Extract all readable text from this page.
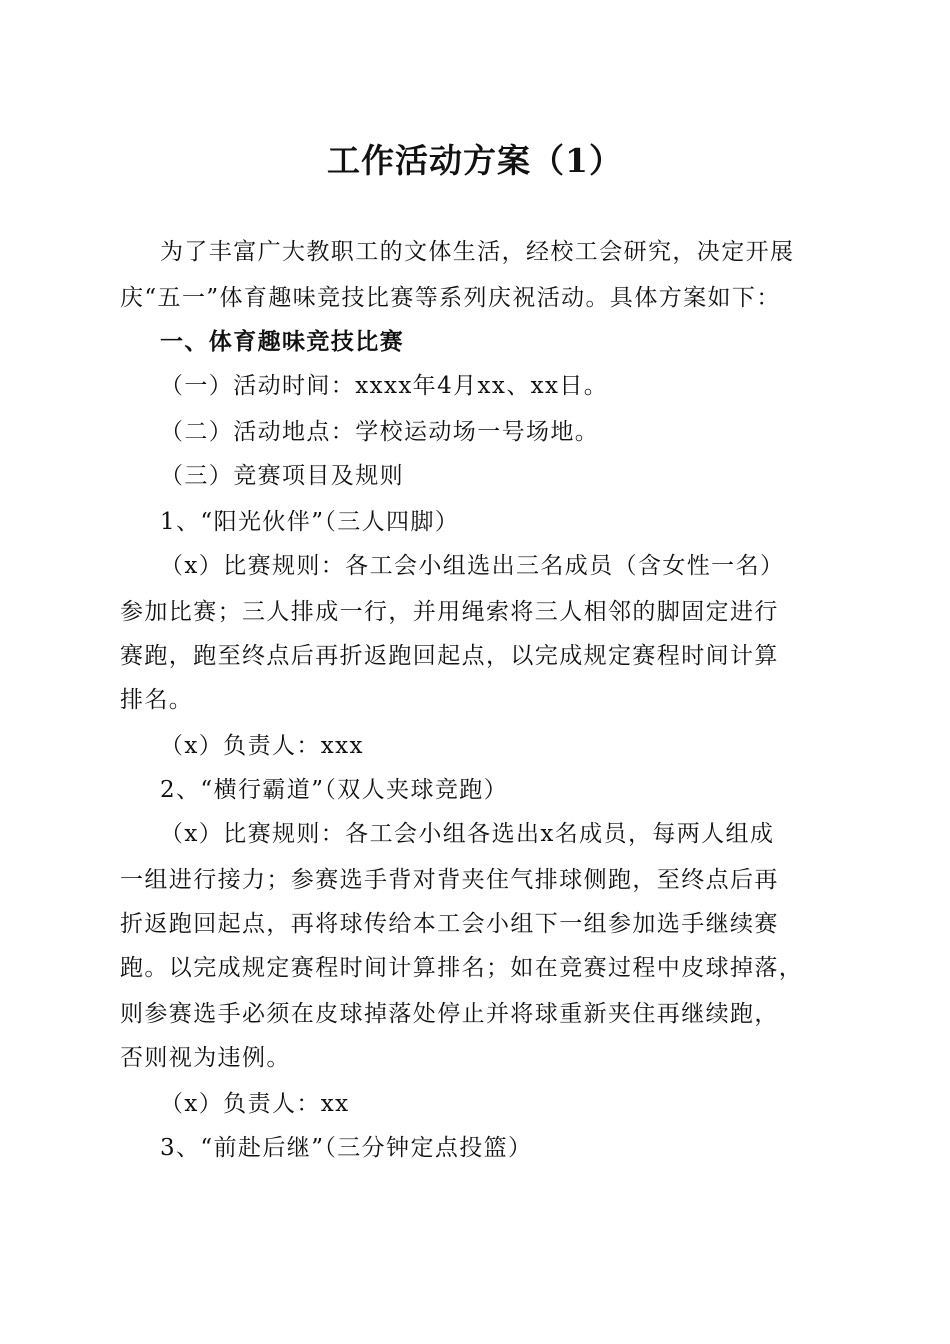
工作活动方案（1）
为了丰富广大教职工的文体生活，经校工会研究，决定开展
庆“五一”体育趣味竞技比赛等系列庆祝活动。具体方案如下：
一、体育趣味竞技比赛
（一）活动时间：xxxx年4月xx、xx日。
（二）活动地点：学校运动场一号场地。
（三）竞赛项目及规则
1、“阳光伙伴”（三人四脚）
（x）比赛规则：各工会小组选出三名成员（含女性一名）
参加比赛；三人排成一行，并用绳索将三人相邻的脚固定进行
赛跑，跑至终点后再折返跑回起点，以完成规定赛程时间计算
排名。
（x）负责人：xxx
2、“横行霸道”（双人夹球竞跑）
（x）比赛规则：各工会小组各选出x名成员，每两人组成
一组进行接力；参赛选手背对背夹住气排球侧跑，至终点后再
折返跑回起点，再将球传给本工会小组下一组参加选手继续赛
跑。以完成规定赛程时间计算排名；如在竞赛过程中皮球掉落，
则参赛选手必须在皮球掉落处停止并将球重新夹住再继续跑，
否则视为违例。
（x）负责人：xx
3、“前赴后继”（三分钟定点投篮）
